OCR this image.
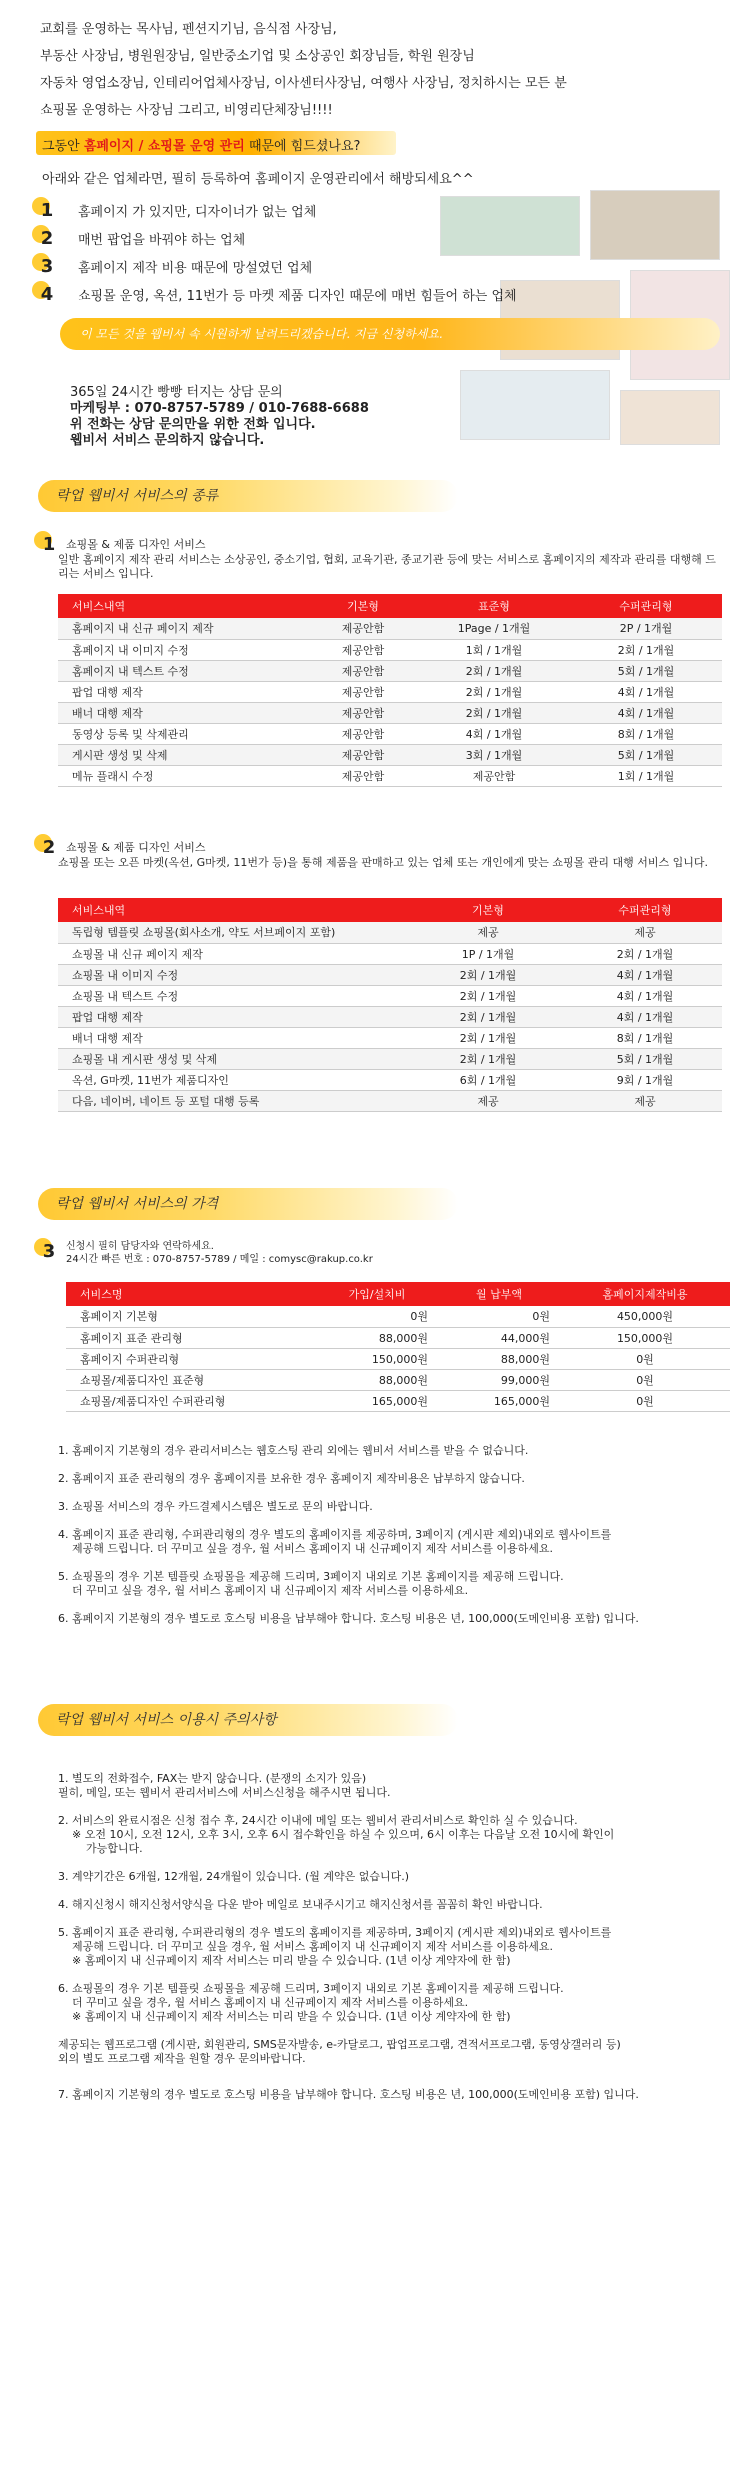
교회를 운영하는 목사님, 펜션지기님, 음식점 사장님,

부동산 사장님, 병원원장님, 일반중소기업 및 소상공인 회장님들, 학원 원장님

자동차 영업소장님, 인테리어업체사장님, 이사센터사장님, 여행사 사장님, 정치하시는 모든 분

쇼핑몰 운영하는 사장님 그리고, 비영리단체장님!!!!

그동안 홈페이지 / 쇼핑몰 운영 관리 때문에 힘드셨나요?

아래와 같은 업체라면, 필히 등록하여 홈페이지 운영관리에서 해방되세요^^

1	홈페이지 가 있지만, 디자이너가 없는 업체
2	매번 팝업을 바꿔야 하는 업체
3	홈페이지 제작 비용 때문에 망설였던 업체
4	쇼핑몰 운영, 옥션, 11번가 등 마켓 제품 디자인 때문에 매번 힘들어 하는 업체

이 모든 것을 웹비서 속 시원하게 날려드리겠습니다. 지금 신청하세요.

365일 24시간 빵빵 터지는 상담 문의

마케팅부 : 070-8757-5789 / 010-7688-6688

위 전화는 상담 문의만을 위한 전화 입니다.

웹비서 서비스 문의하지 않습니다.

락업 웹비서 서비스의 종류
1 쇼핑몰 & 제품 디자인 서비스

일반 홈페이지 제작 관리 서비스는 소상공인, 중소기업, 협회, 교육기관, 종교기관 등에 맞는 서비스로 홈페이지의 제작과 관리를 대행해 드리는 서비스 입니다.

서비스내역	기본형	표준형	수퍼관리형
홈페이지 내 신규 페이지 제작	제공안함	1Page / 1개월	2P / 1개월
홈페이지 내 이미지 수정	제공안함	1회 / 1개월	2회 / 1개월
홈페이지 내 텍스트 수정	제공안함	2회 / 1개월	5회 / 1개월
팝업 대행 제작	제공안함	2회 / 1개월	4회 / 1개월
배너 대행 제작	제공안함	2회 / 1개월	4회 / 1개월
동영상 등록 및 삭제관리	제공안함	4회 / 1개월	8회 / 1개월
게시판 생성 및 삭제	제공안함	3회 / 1개월	5회 / 1개월
메뉴 플래시 수정	제공안함	제공안함	1회 / 1개월
2 쇼핑몰 & 제품 디자인 서비스

쇼핑몰 또는 오픈 마켓(옥션, G마켓, 11번가 등)을 통해 제품을 판매하고 있는 업체 또는 개인에게 맞는 쇼핑몰 관리 대행 서비스 입니다.

서비스내역	기본형	수퍼관리형
독립형 템플릿 쇼핑몰(회사소개, 약도 서브페이지 포함)	제공	제공
쇼핑몰 내 신규 페이지 제작	1P / 1개월	2회 / 1개월
쇼핑몰 내 이미지 수정	2회 / 1개월	4회 / 1개월
쇼핑몰 내 텍스트 수정	2회 / 1개월	4회 / 1개월
팝업 대행 제작	2회 / 1개월	4회 / 1개월
배너 대행 제작	2회 / 1개월	8회 / 1개월
쇼핑몰 내 게시판 생성 및 삭제	2회 / 1개월	5회 / 1개월
옥션, G마켓, 11번가 제품디자인	6회 / 1개월	9회 / 1개월
다음, 네이버, 네이트 등 포털 대행 등록	제공	제공
락업 웹비서 서비스의 가격
3	신청시 필히 담당자와 연락하세요.

24시간 빠른 번호 : 070-8757-5789 / 메일 : comysc@rakup.co.kr

서비스명	가입/설치비	월 납부액	홈페이지제작비용
홈페이지 기본형	0원	0원	450,000원
홈페이지 표준 관리형	88,000원	44,000원	150,000원
홈페이지 수퍼관리형	150,000원	88,000원	0원
쇼핑몰/제품디자인 표준형	88,000원	99,000원	0원
쇼핑몰/제품디자인 수퍼관리형	165,000원	165,000원	0원

1. 홈페이지 기본형의 경우 관리서비스는 웹호스팅 관리 외에는 웹비서 서비스를 받을 수 없습니다.

2. 홈페이지 표준 관리형의 경우 홈페이지를 보유한 경우 홈페이지 제작비용은 납부하지 않습니다.

3. 쇼핑몰 서비스의 경우 카드결제시스템은 별도로 문의 바랍니다.

4. 홈페이지 표준 관리형, 수퍼관리형의 경우 별도의 홈페이지를 제공하며, 3페이지 (게시판 제외)내외로 웹사이트를

제공해 드립니다. 더 꾸미고 싶을 경우, 월 서비스 홈페이지 내 신규페이지 제작 서비스를 이용하세요.

5. 쇼핑몰의 경우 기본 템플릿 쇼핑몰을 제공해 드리며, 3페이지 내외로 기본 홈페이지를 제공해 드립니다.

더 꾸미고 싶을 경우, 월 서비스 홈페이지 내 신규페이지 제작 서비스를 이용하세요.

6. 홈페이지 기본형의 경우 별도로 호스팅 비용을 납부해야 합니다. 호스팅 비용은 년, 100,000(도메인비용 포함) 입니다.

락업 웹비서 서비스 이용시 주의사항

1. 별도의 전화접수, FAX는 받지 않습니다. (분쟁의 소지가 있음)

필히, 메일, 또는 웹비서 관리서비스에 서비스신청을 해주시면 됩니다.

2. 서비스의 완료시점은 신청 접수 후, 24시간 이내에 메일 또는 웹비서 관리서비스로 확인하 실 수 있습니다.

※ 오전 10시, 오전 12시, 오후 3시, 오후 6시 접수확인을 하실 수 있으며, 6시 이후는 다음날 오전 10시에 확인이

가능합니다.

3. 계약기간은 6개월, 12개월, 24개월이 있습니다. (월 계약은 없습니다.)

4. 해지신청시 해지신청서양식을 다운 받아 메일로 보내주시기고 해지신청서를 꼼꼼히 확인 바랍니다.

5. 홈페이지 표준 관리형, 수퍼관리형의 경우 별도의 홈페이지를 제공하며, 3페이지 (게시판 제외)내외로 웹사이트를

제공해 드립니다. 더 꾸미고 싶을 경우, 월 서비스 홈페이지 내 신규페이지 제작 서비스를 이용하세요.

※ 홈페이지 내 신규페이지 제작 서비스는 미리 받을 수 있습니다. (1년 이상 계약자에 한 함)

6. 쇼핑몰의 경우 기본 템플릿 쇼핑몰을 제공해 드리며, 3페이지 내외로 기본 홈페이지를 제공해 드립니다.

더 꾸미고 싶을 경우, 월 서비스 홈페이지 내 신규페이지 제작 서비스를 이용하세요.

※ 홈페이지 내 신규페이지 제작 서비스는 미리 받을 수 있습니다. (1년 이상 계약자에 한 함)

제공되는 웹프로그램 (게시판, 회원관리, SMS문자발송, e-카달로그, 팝업프로그램, 견적서프로그램, 동영상갤러리 등)

외의 별도 프로그램 제작을 원할 경우 문의바랍니다.

7. 홈페이지 기본형의 경우 별도로 호스팅 비용을 납부해야 합니다. 호스팅 비용은 년, 100,000(도메인비용 포함) 입니다.
